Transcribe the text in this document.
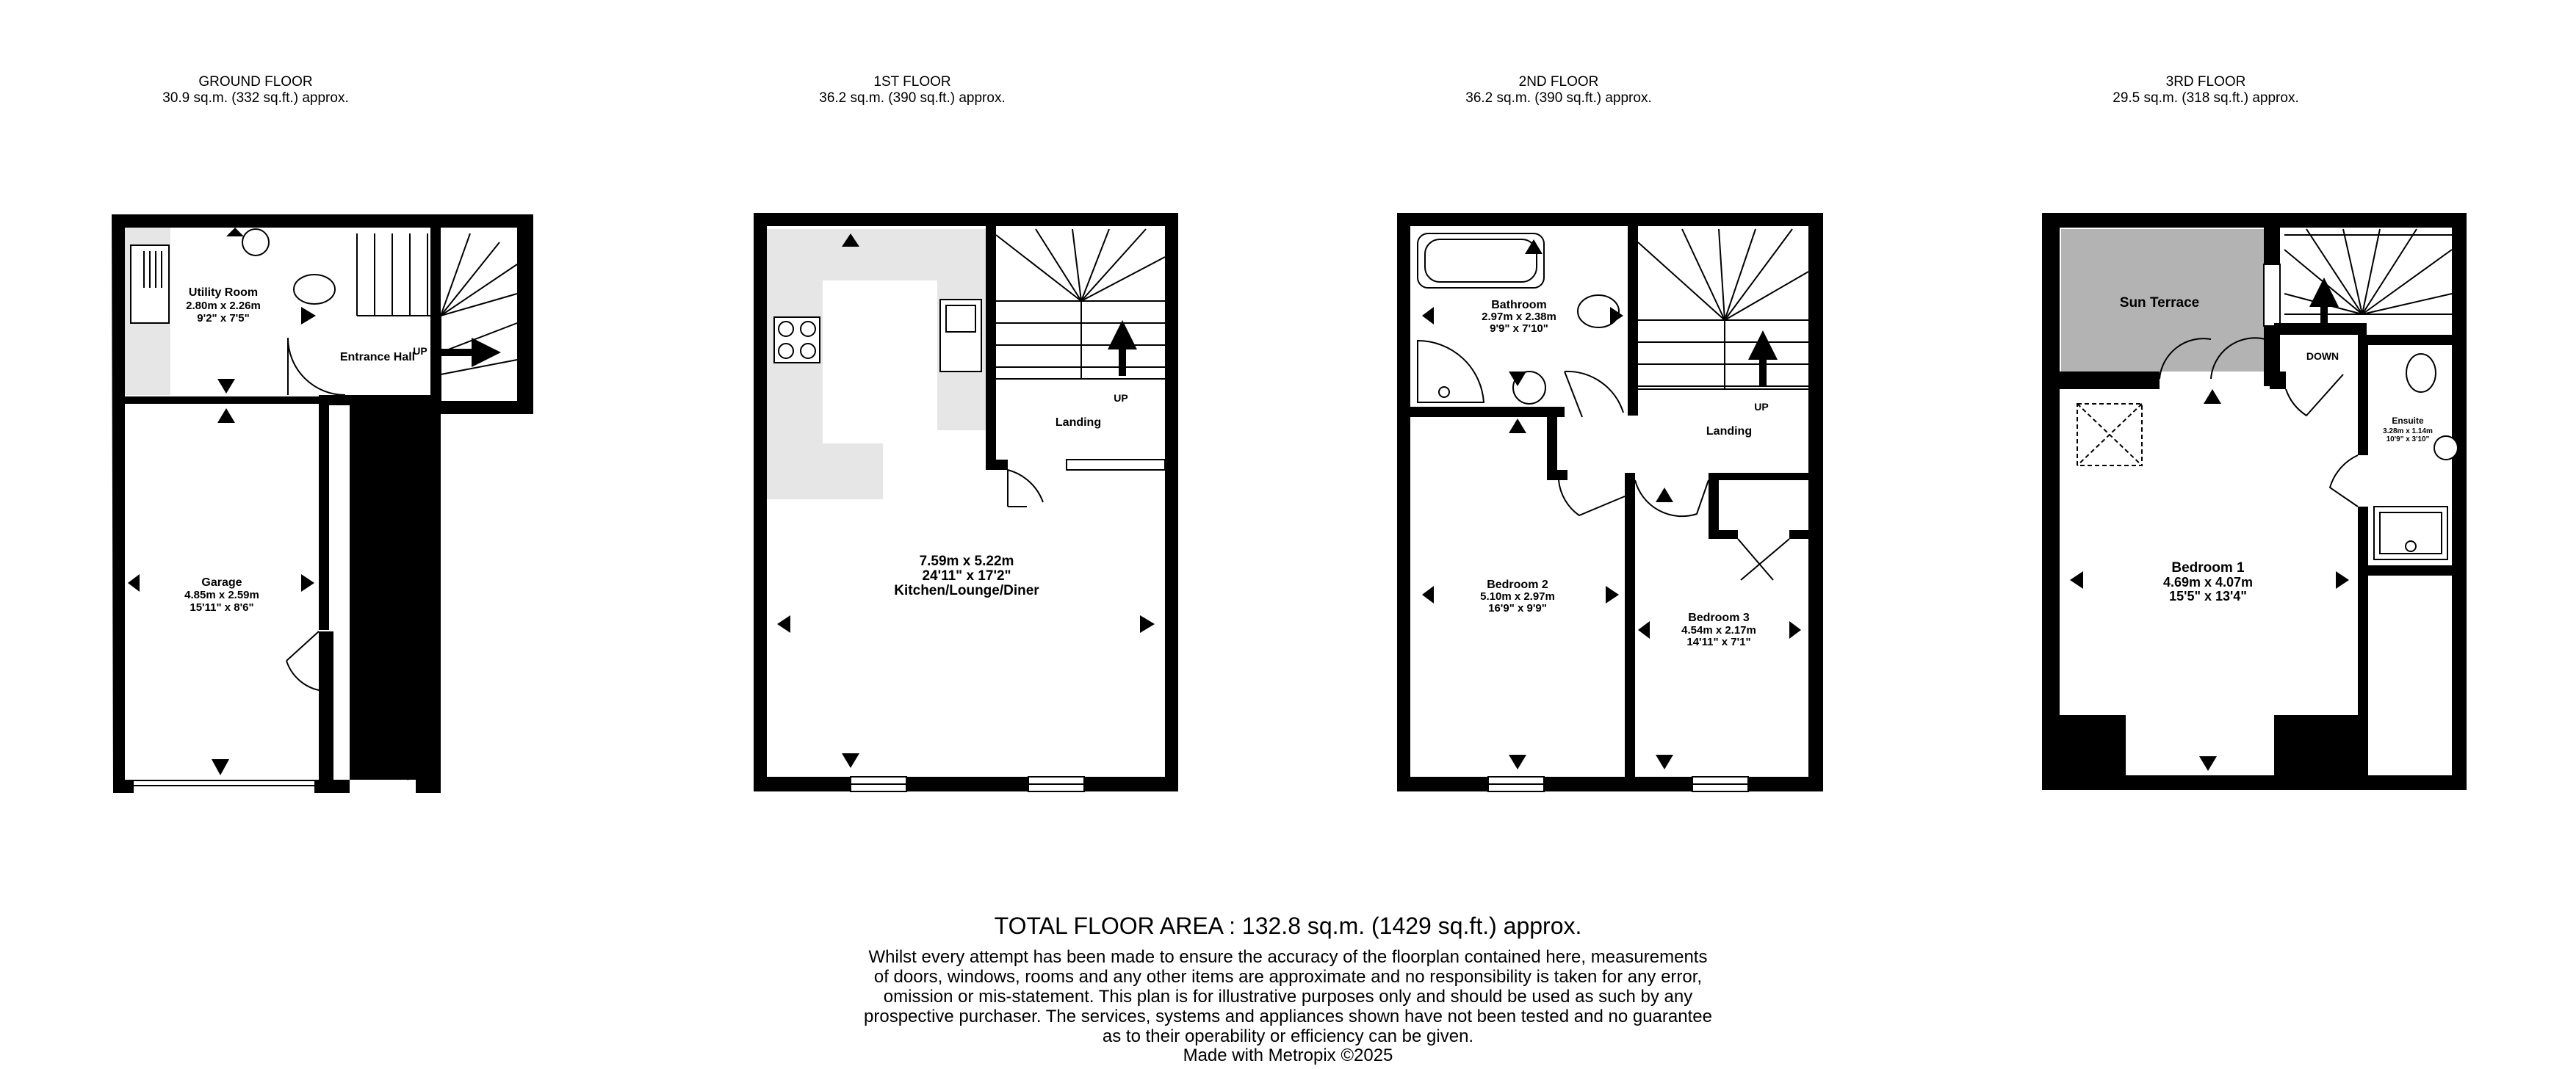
GROUND FLOOR
30.9 sq.m. (332 sq.ft.) approx.
1ST FLOOR
36.2 sq.m. (390 sq.ft.) approx.
2ND FLOOR
36.2 sq.m. (390 sq.ft.) approx.
3RD FLOOR
29.5 sq.m. (318 sq.ft.) approx.
Utility Room
2.80m x 2.26m
9'2" x 7'5"
Entrance Hall
UP
Garage
4.85m x 2.59m
15'11" x 8'6"
UP
Landing
7.59m x 5.22m
24'11" x 17'2"
Kitchen/Lounge/Diner
Bathroom
2.97m x 2.38m
9'9" x 7'10"
UP
Landing
Bedroom 2
5.10m x 2.97m
16'9" x 9'9"
Bedroom 3
4.54m x 2.17m
14'11" x 7'1"
Sun Terrace
DOWN
Ensuite
3.28m x 1.14m
10'9" x 3'10"
Bedroom 1
4.69m x 4.07m
15'5" x 13'4"
TOTAL FLOOR AREA : 132.8 sq.m. (1429 sq.ft.) approx.
Whilst every attempt has been made to ensure the accuracy of the floorplan contained here, measurements
of doors, windows, rooms and any other items are approximate and no responsibility is taken for any error,
omission or mis-statement. This plan is for illustrative purposes only and should be used as such by any
prospective purchaser. The services, systems and appliances shown have not been tested and no guarantee
as to their operability or efficiency can be given.
Made with Metropix ©2025
